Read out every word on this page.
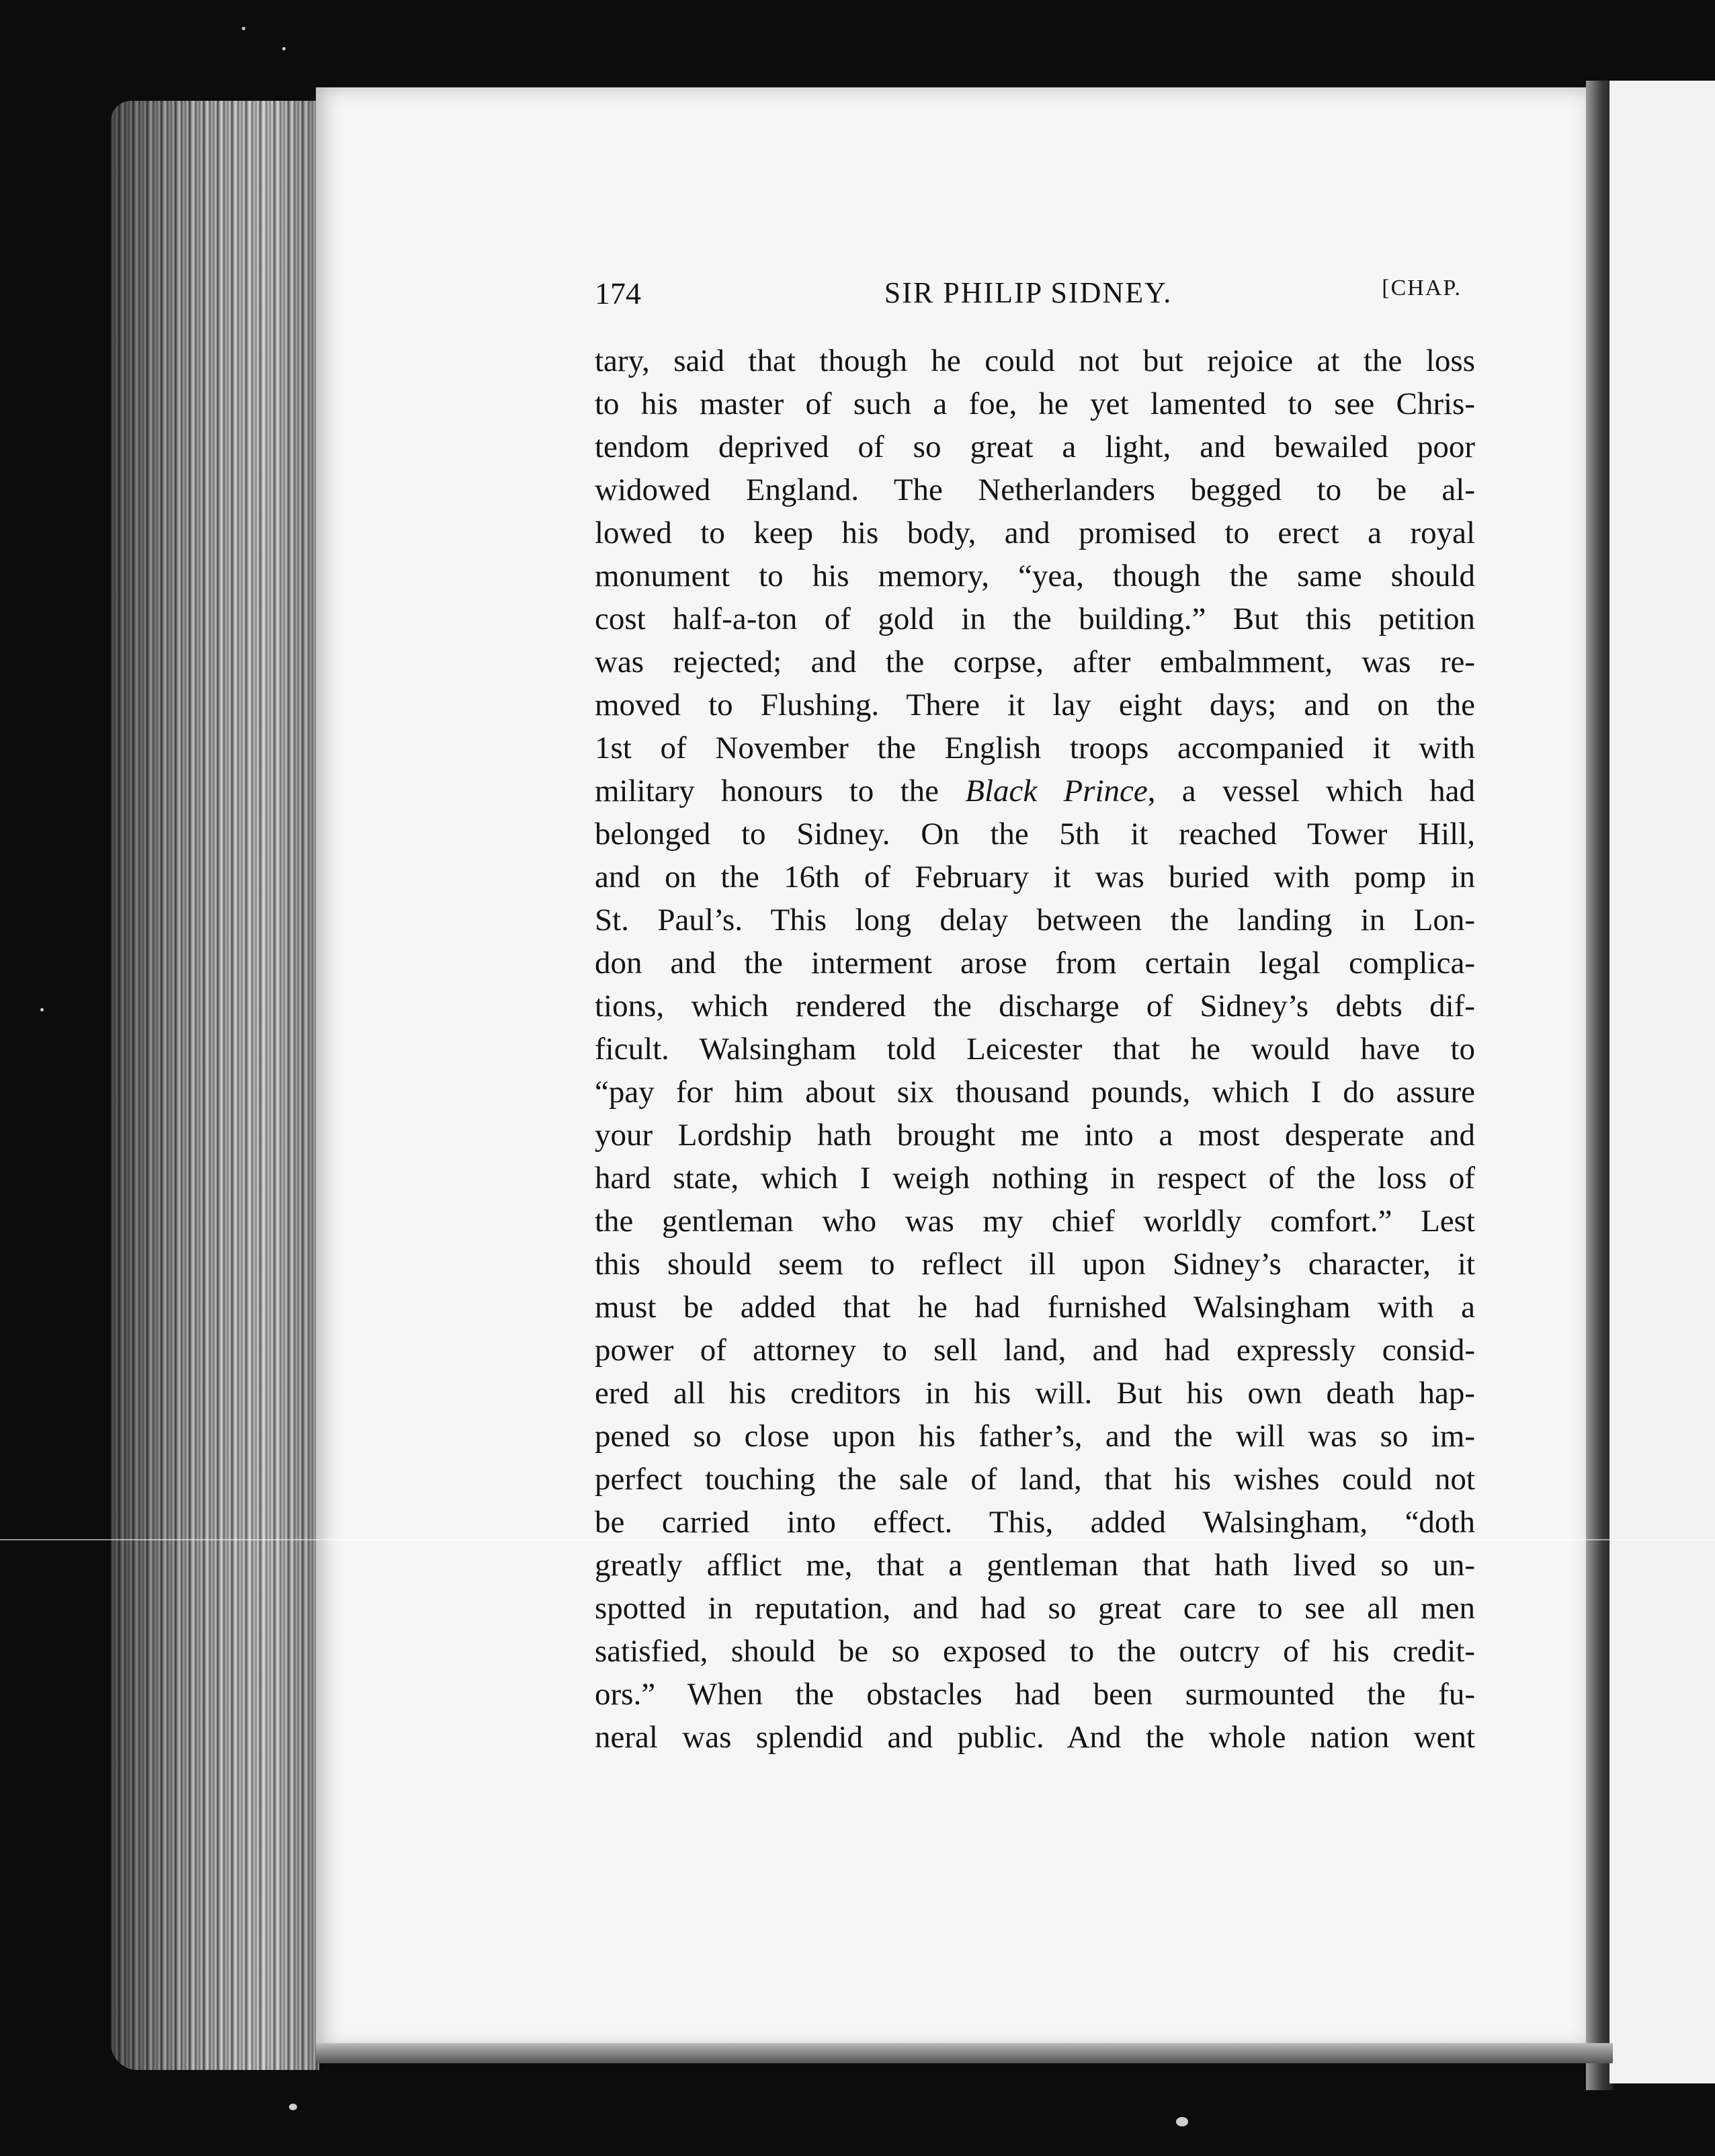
174	SIR PHILIP SIDNEY.	[CHAP.
tary, said that though he could not but rejoice at the loss
to his master of such a foe, he yet lamented to see Chris-
tendom deprived of so great a light, and bewailed poor
widowed England. The Netherlanders begged to be al-
lowed to keep his body, and promised to erect a royal
monument to his memory, “yea, though the same should
cost half-a-ton of gold in the building.” But this petition
was rejected; and the corpse, after embalmment, was re-
moved to Flushing. There it lay eight days; and on the
1st of November the English troops accompanied it with
military honours to the Black Prince, a vessel which had
belonged to Sidney. On the 5th it reached Tower Hill,
and on the 16th of February it was buried with pomp in
St. Paul’s. This long delay between the landing in Lon-
don and the interment arose from certain legal complica-
tions, which rendered the discharge of Sidney’s debts dif-
ficult. Walsingham told Leicester that he would have to
“pay for him about six thousand pounds, which I do assure
your Lordship hath brought me into a most desperate and
hard state, which I weigh nothing in respect of the loss of
the gentleman who was my chief worldly comfort.” Lest
this should seem to reflect ill upon Sidney’s character, it
must be added that he had furnished Walsingham with a
power of attorney to sell land, and had expressly consid-
ered all his creditors in his will. But his own death hap-
pened so close upon his father’s, and the will was so im-
perfect touching the sale of land, that his wishes could not
be carried into effect. This, added Walsingham, “doth
greatly afflict me, that a gentleman that hath lived so un-
spotted in reputation, and had so great care to see all men
satisfied, should be so exposed to the outcry of his credit-
ors.” When the obstacles had been surmounted the fu-
neral was splendid and public. And the whole nation went
